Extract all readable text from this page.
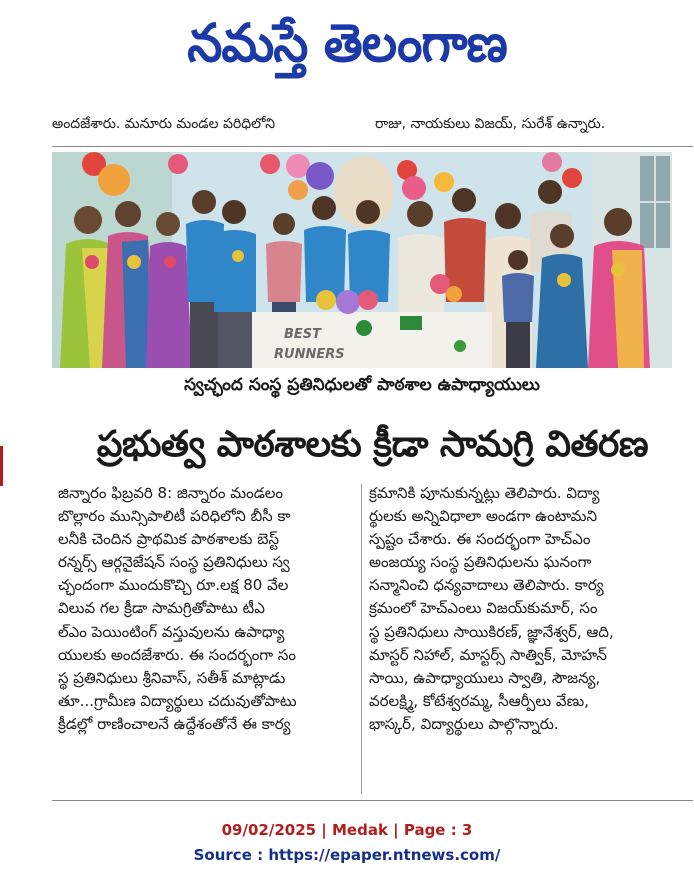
నమస్తే తెలంగాణ

అందజేశారు. మనూరు మండల పరిధిలోని
	రాజు, నాయకులు విజయ్, సురేశ్ ఉన్నారు.
BEST
RUNNERS
స్వచ్ఛంద సంస్థ ప్రతినిధులతో పాఠశాల ఉపాధ్యాయులు
ప్రభుత్వ పాఠశాలకు క్రీడా సామగ్రి వితరణ
జిన్నారం ఫిబ్రవరి 8: జిన్నారం మండలం
బొల్లారం మున్సిపాలిటీ పరిధిలోని బీసీ కా
లనీకి చెందిన ప్రాథమిక పాఠశాలకు బెస్ట్
రన్నర్స్ ఆర్గనైజేషన్ సంస్థ ప్రతినిధులు స్వ
చ్ఛందంగా ముందుకొచ్చి రూ.లక్ష 80 వేల
విలువ గల క్రీడా సామగ్రితోపాటు టీఎ
ల్‌ఎం పెయింటింగ్ వస్తువులను ఉపాధ్యా
యులకు అందజేశారు. ఈ సందర్భంగా సం
స్థ ప్రతినిధులు శ్రీనివాస్, సతీశ్ మాట్లాడు
తూ...గ్రామీణ విద్యార్థులు చదువుతోపాటు
క్రీడల్లో రాణించాలనే ఉద్దేశంతోనే ఈ కార్య
క్రమానికి పూనుకున్నట్లు తెలిపారు. విద్యా
ర్థులకు అన్నివిధాలా అండగా ఉంటామని
స్పష్టం చేశారు. ఈ సందర్భంగా హెచ్‌ఎం
అంజయ్య సంస్థ ప్రతినిధులను ఘనంగా
సన్మానించి ధన్యవాదాలు తెలిపారు. కార్య
క్రమంలో హెచ్‌ఎంలు విజయ్‌కుమార్, సం
స్థ ప్రతినిధులు సాయికిరణ్, జ్ఞానేశ్వర్, ఆది,
మాస్టర్ నిహాల్, మాస్టర్స్ సాత్విక్, మోహన్
సాయి, ఉపాధ్యాయులు స్వాతి, సౌజన్య,
వరలక్ష్మి, కోటేశ్వరమ్మ, సీఆర్పీలు వేణు,
భాస్కర్, విద్యార్థులు పాల్గొన్నారు.
09/02/2025 | Medak | Page : 3
Source : https://epaper.ntnews.com/
